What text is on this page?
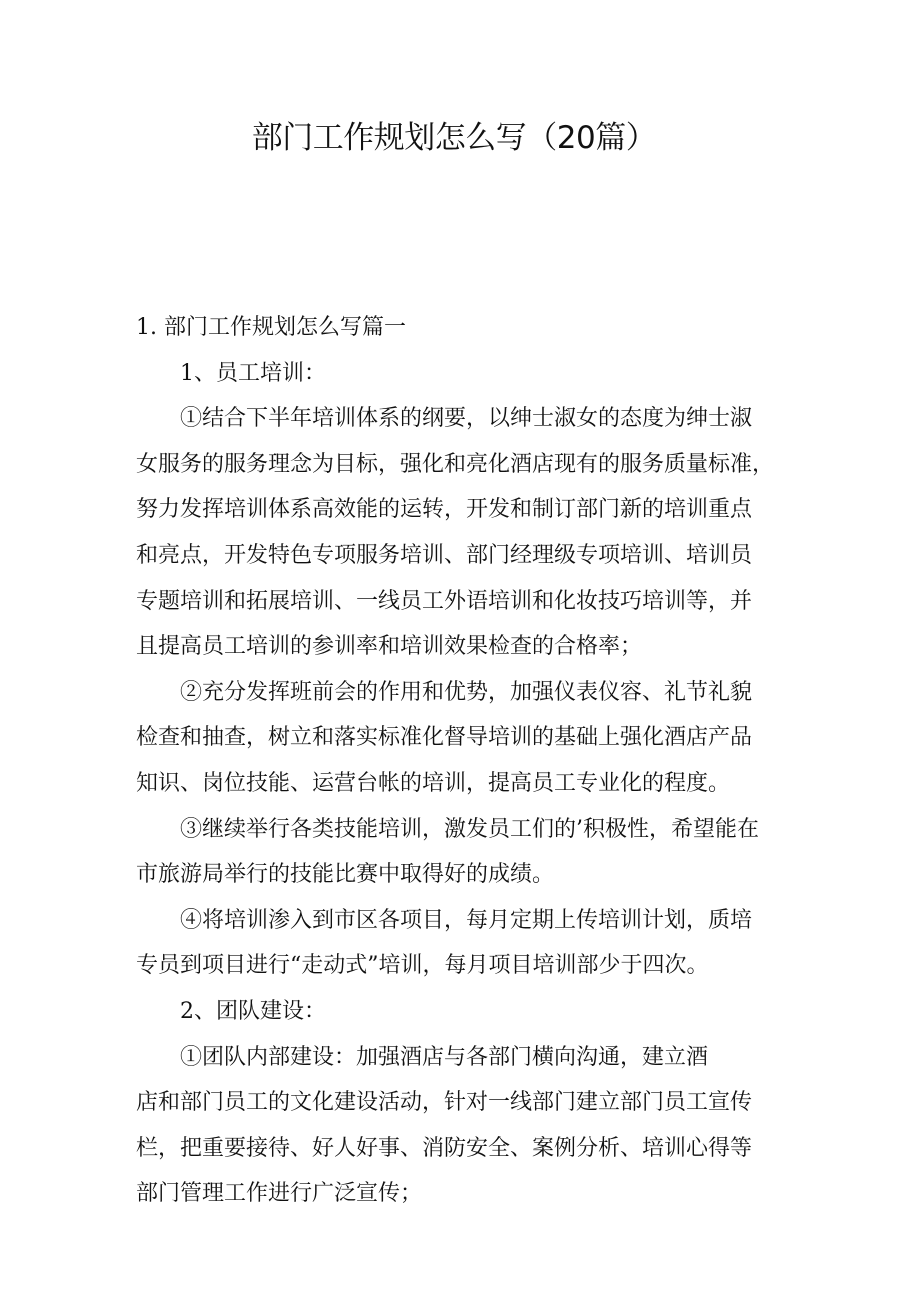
部门工作规划怎么写（20篇）
1. 部门工作规划怎么写篇一
1、员工培训：
①结合下半年培训体系的纲要，以绅士淑女的态度为绅士淑
女服务的服务理念为目标，强化和亮化酒店现有的服务质量标准，
努力发挥培训体系高效能的运转，开发和制订部门新的培训重点
和亮点，开发特色专项服务培训、部门经理级专项培训、培训员
专题培训和拓展培训、一线员工外语培训和化妆技巧培训等，并
且提高员工培训的参训率和培训效果检查的合格率；
②充分发挥班前会的作用和优势，加强仪表仪容、礼节礼貌
检查和抽查，树立和落实标准化督导培训的基础上强化酒店产品
知识、岗位技能、运营台帐的培训，提高员工专业化的程度。
③继续举行各类技能培训，激发员工们的’积极性，希望能在
市旅游局举行的技能比赛中取得好的成绩。
④将培训渗入到市区各项目，每月定期上传培训计划，质培
专员到项目进行“走动式”培训，每月项目培训部少于四次。
2、团队建设：
①团队内部建设：加强酒店与各部门横向沟通，建立酒
店和部门员工的文化建设活动，针对一线部门建立部门员工宣传
栏，把重要接待、好人好事、消防安全、案例分析、培训心得等
部门管理工作进行广泛宣传；
